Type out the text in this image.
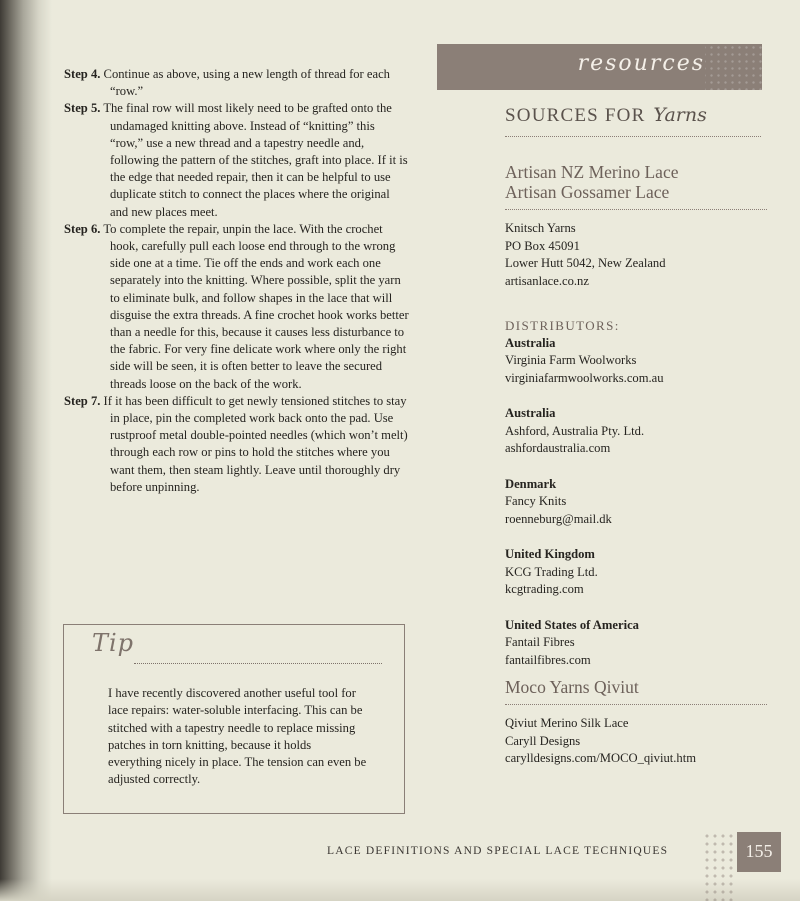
Step 4. Continue as above, using a new length of thread for each “row.”

Step 5. The final row will most likely need to be grafted onto the undamaged knitting above. Instead of “knitting” this “row,” use a new thread and a tapestry needle and, following the pattern of the stitches, graft into place. If it is the edge that needed repair, then it can be helpful to use duplicate stitch to connect the places where the original and new places meet.

Step 6. To complete the repair, unpin the lace. With the crochet hook, carefully pull each loose end through to the wrong side one at a time. Tie off the ends and work each one separately into the knitting. Where possible, split the yarn to eliminate bulk, and follow shapes in the lace that will disguise the extra threads. A fine crochet hook works better than a needle for this, because it causes less disturbance to the fabric. For very fine delicate work where only the right side will be seen, it is often better to leave the secured threads loose on the back of the work.

Step 7. If it has been difficult to get newly tensioned stitches to stay in place, pin the completed work back onto the pad. Use rustproof metal double-pointed needles (which won’t melt) through each row or pins to hold the stitches where you want them, then steam lightly. Leave until thoroughly dry before unpinning.

Tip

I have recently discovered another useful tool for lace repairs: water-soluble interfacing. This can be stitched with a tapestry needle to replace missing patches in torn knitting, because it holds everything nicely in place. The tension can even be adjusted correctly.

resources
SOURCES FOR Yarns

Artisan NZ Merino Lace

Artisan Gossamer Lace

Knitsch Yarns

PO Box 45091

Lower Hutt 5042, New Zealand

artisanlace.co.nz

DISTRIBUTORS:

Australia

Virginia Farm Woolworks

virginiafarmwoolworks.com.au

Australia

Ashford, Australia Pty. Ltd.

ashfordaustralia.com

Denmark

Fancy Knits

roenneburg@mail.dk

United Kingdom

KCG Trading Ltd.

kcgtrading.com

United States of America

Fantail Fibres

fantailfibres.com

Moco Yarns Qiviut

Qiviut Merino Silk Lace

Caryll Designs

carylldesigns.com/MOCO_qiviut.htm

LACE DEFINITIONS AND SPECIAL LACE TECHNIQUES	155
